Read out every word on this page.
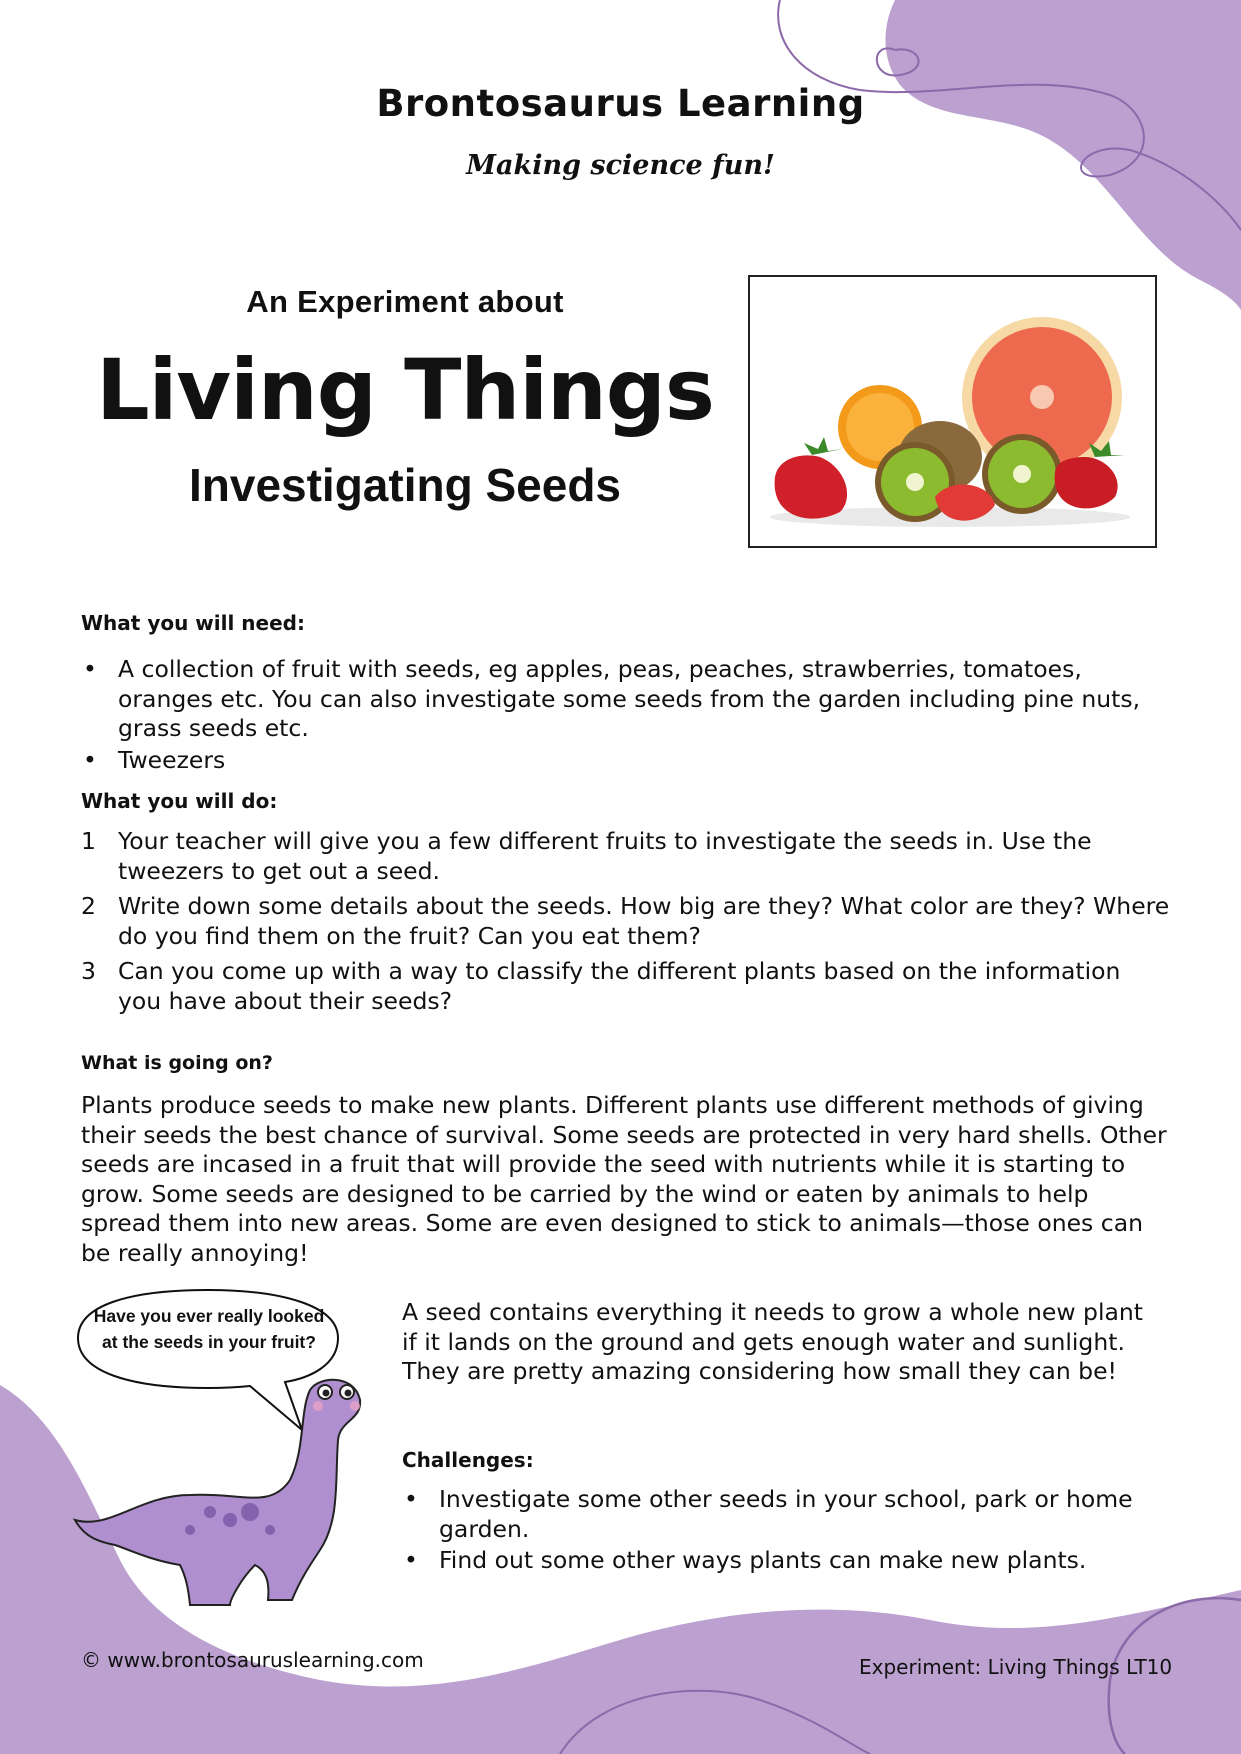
Brontosaurus Learning
Making science fun!
An Experiment about
Living Things
Investigating Seeds
What you will need:
• A collection of fruit with seeds, eg apples, peas, peaches, strawberries, tomatoes, oranges etc. You can also investigate some seeds from the garden including pine nuts, grass seeds etc.
• Tweezers
What you will do:
1 Your teacher will give you a few different fruits to investigate the seeds in. Use the tweezers to get out a seed.
2 Write down some details about the seeds. How big are they? What color are they? Where do you find them on the fruit? Can you eat them?
3 Can you come up with a way to classify the different plants based on the information you have about their seeds?
What is going on?
Plants produce seeds to make new plants. Different plants use different methods of giving their seeds the best chance of survival. Some seeds are protected in very hard shells. Other seeds are incased in a fruit that will provide the seed with nutrients while it is starting to grow. Some seeds are designed to be carried by the wind or eaten by animals to help spread them into new areas. Some are even designed to stick to animals—those ones can be really annoying!
Have you ever really looked
at the seeds in your fruit?
A seed contains everything it needs to grow a whole new plant if it lands on the ground and gets enough water and sunlight. They are pretty amazing considering how small they can be!
Challenges:
• Investigate some other seeds in your school, park or home garden.
• Find out some other ways plants can make new plants.
© www.brontosauruslearning.com	Experiment: Living Things LT10
